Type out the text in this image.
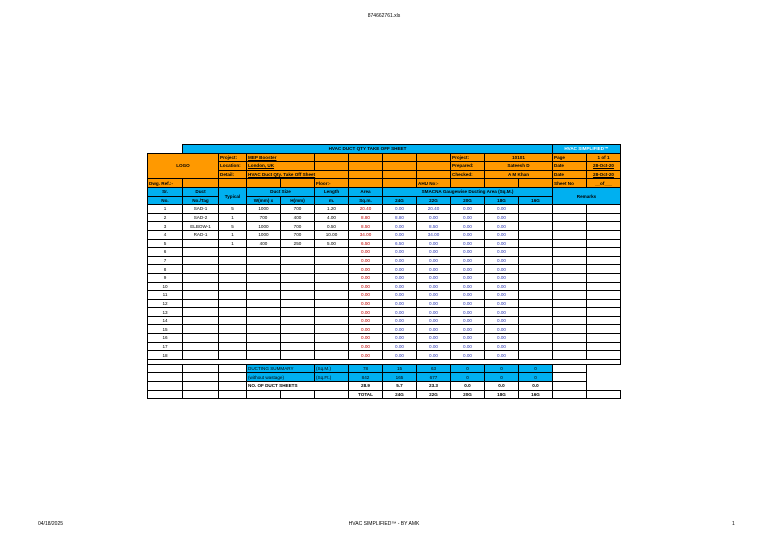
874662761.xls
	HVAC DUCT QTY TAKE OFF SHEET											HVAC SIMPLIFIED™	
LOGO		Project:	MEP Booster						Project:	10101		Page	1 of 1
		Location:	London, UK						Prepared:	Sateesh D		Date	28-Oct-20
		Detail:	HVAC Duct Qty. Take Off Sheet						Checked:	A M Khan		Date	28-Oct-20
Dwg. Ref.:-					Floor:-			AHU No:-				Sheet No	__of___
Sr.	Duct	Typical	Duct Size		Length	Area	SMACNA Gaugewise Ducting Area (Sq.M.)					Remarks	
No.	No./Tag		W(mm) x	H(mm)	m.	Sq.m.	24G	22G	20G	18G	16G		
1	SAD-1	5	1000	700	1.20	20.40	0.00	20.40	0.00	0.00			
2	SAD-2	1	700	400	4.00	8.80	8.80	0.00	0.00	0.00			
3	ELBOW-1	5	1000	700	0.50	8.50	0.00	8.50	0.00	0.00			
4	RAD-1	1	1000	700	10.00	34.00	0.00	34.00	0.00	0.00			
5		1	400	250	5.00	6.50	6.50	0.00	0.00	0.00			
6						0.00	0.00	0.00	0.00	0.00			
7						0.00	0.00	0.00	0.00	0.00			
8						0.00	0.00	0.00	0.00	0.00			
9						0.00	0.00	0.00	0.00	0.00			
10						0.00	0.00	0.00	0.00	0.00			
11						0.00	0.00	0.00	0.00	0.00			
12						0.00	0.00	0.00	0.00	0.00			
13						0.00	0.00	0.00	0.00	0.00			
14						0.00	0.00	0.00	0.00	0.00			
15						0.00	0.00	0.00	0.00	0.00			
16						0.00	0.00	0.00	0.00	0.00			
17						0.00	0.00	0.00	0.00	0.00			
18						0.00	0.00	0.00	0.00	0.00			

			DUCTING SUMMARY		(Sq.M.)	78	15	63	0	0	0		
			(without wastage)		(Sq.Ft.)	842	165	677	0	0	0		
			NO. OF DUCT SHEETS			28.9	5.7	23.3	0.0	0.0	0.0		
						TOTAL	24G	22G	20G	18G	16G		
04/18/2025	HVAC SIMPLIFIED™ - BY AMK	1
